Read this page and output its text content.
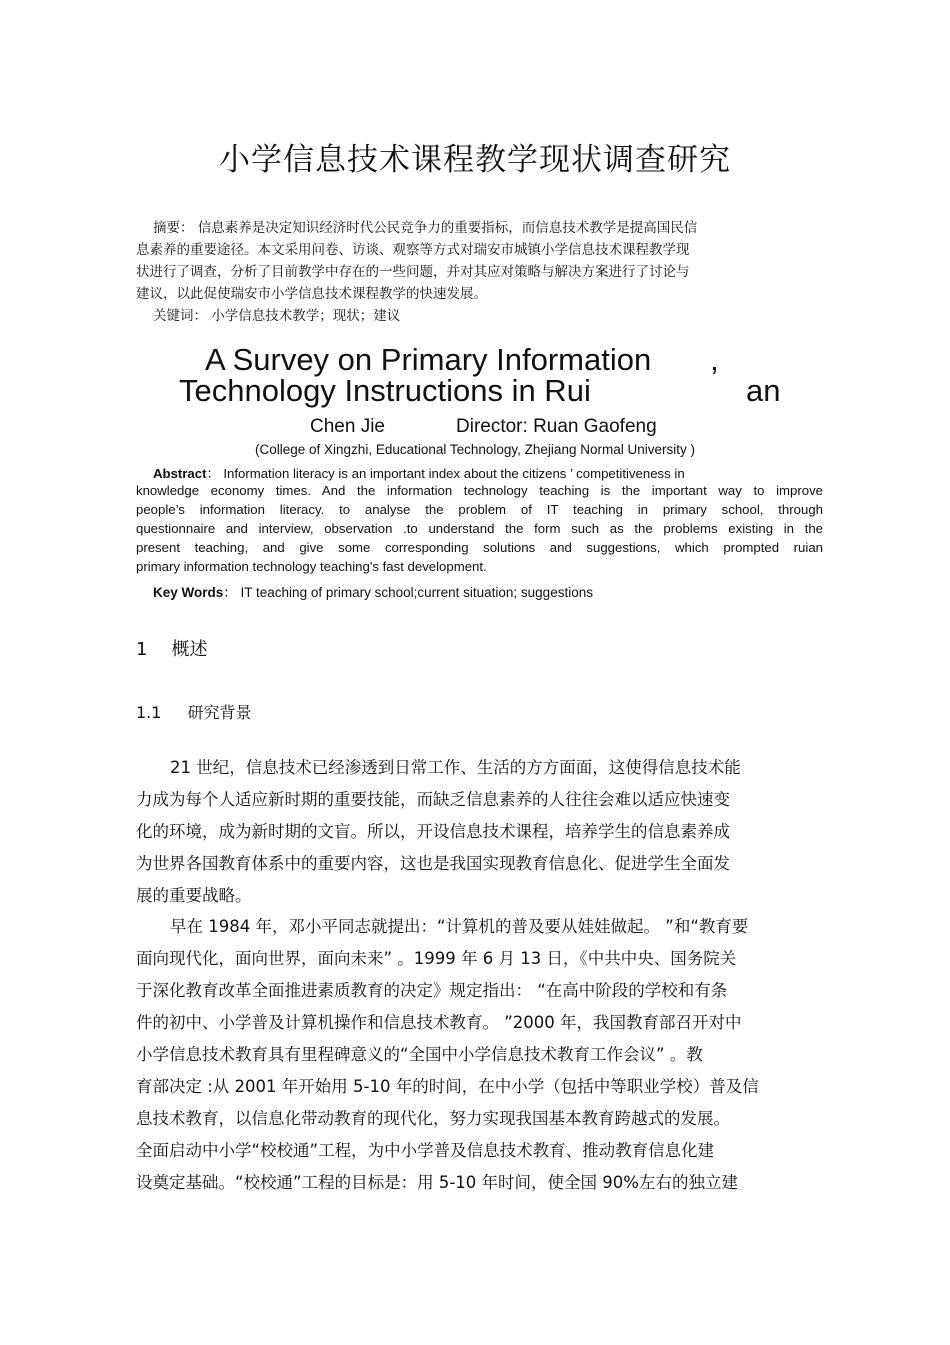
小学信息技术课程教学现状调查研究
摘要： 信息素养是决定知识经济时代公民竞争力的重要指标，而信息技术教学是提高国民信
息素养的重要途径。本文采用问卷、访谈、观察等方式对瑞安市城镇小学信息技术课程教学现
状进行了调查，分析了目前教学中存在的一些问题，并对其应对策略与解决方案进行了讨论与
建议，以此促使瑞安市小学信息技术课程教学的快速发展。
关键词： 小学信息技术教学；现状；建议
A Survey on Primary Information
Technology Instructions in Rui	’ an
Chen Jie	Director: Ruan Gaofeng
(College of Xingzhi, Educational Technology, Zhejiang Normal University )
Abstract： Information literacy is an important index about the citizens ’ competitiveness in
knowledge economy times. And the information technology teaching is the important way to improve
people’s information literacy. to analyse the problem of IT teaching in primary school, through
questionnaire and interview, observation .to understand the form such as the problems existing in the
present teaching, and give some corresponding solutions and suggestions, which prompted ruian
primary information technology teaching's fast development.
Key Words： IT teaching of primary school;current situation; suggestions
1 概述
1.1 研究背景
21 世纪，信息技术已经渗透到日常工作、生活的方方面面，这使得信息技术能
力成为每个人适应新时期的重要技能，而缺乏信息素养的人往往会难以适应快速变
化的环境，成为新时期的文盲。所以，开设信息技术课程，培养学生的信息素养成
为世界各国教育体系中的重要内容，这也是我国实现教育信息化、促进学生全面发
展的重要战略。
早在 1984 年，邓小平同志就提出：“计算机的普及要从娃娃做起。 ”和“教育要
面向现代化，面向世界，面向未来” 。1999 年 6 月 13 日，《中共中央、国务院关
于深化教育改革全面推进素质教育的决定》规定指出： “在高中阶段的学校和有条
件的初中、小学普及计算机操作和信息技术教育。 ”2000 年，我国教育部召开对中
小学信息技术教育具有里程碑意义的“全国中小学信息技术教育工作会议” 。教
育部决定 :从 2001 年开始用 5-10 年的时间，在中小学（包括中等职业学校）普及信
息技术教育，以信息化带动教育的现代化，努力实现我国基本教育跨越式的发展。
全面启动中小学“校校通”工程，为中小学普及信息技术教育、推动教育信息化建
设奠定基础。“校校通”工程的目标是：用 5-10 年时间，使全国 90%左右的独立建
